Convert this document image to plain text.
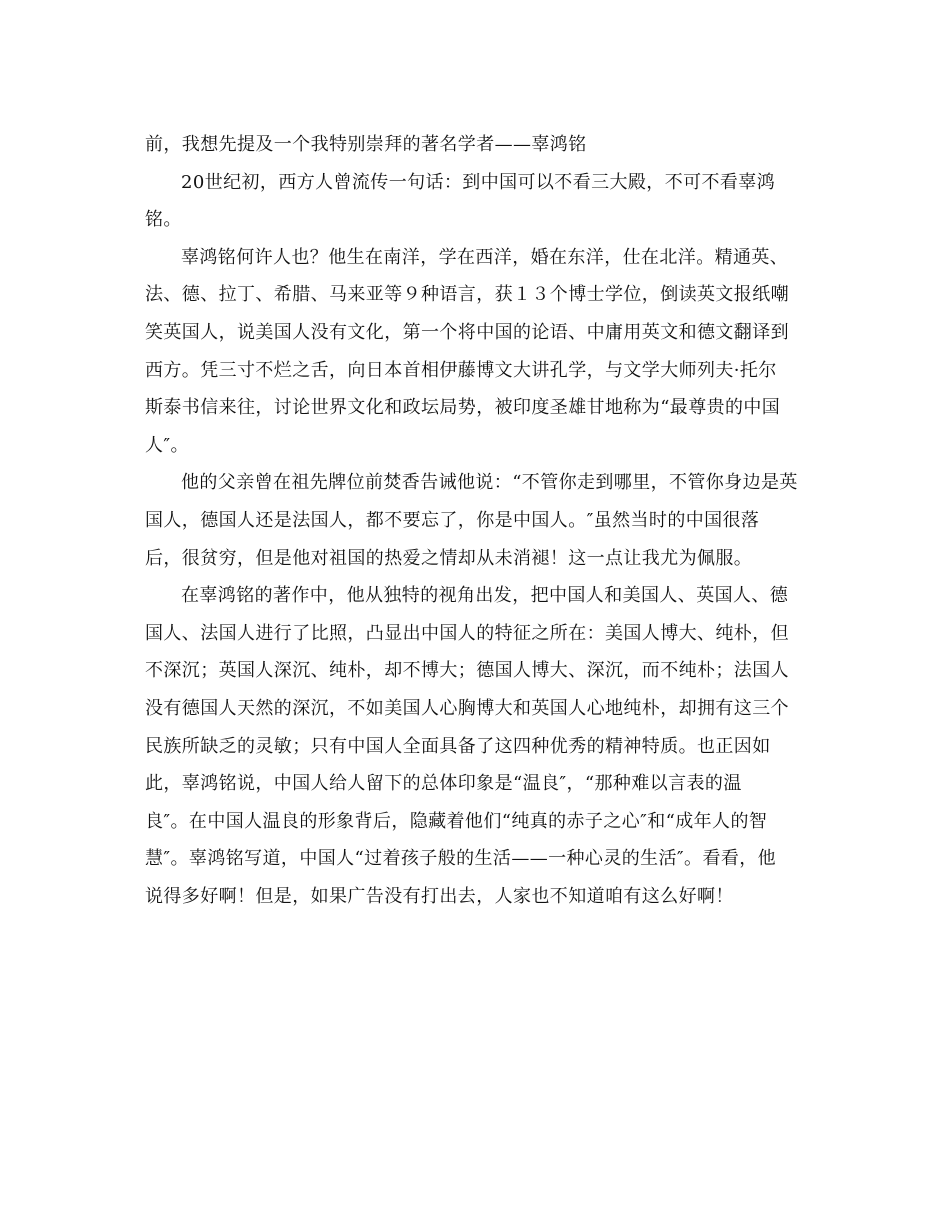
前，我想先提及一个我特别崇拜的著名学者——辜鸿铭
20世纪初，西方人曾流传一句话：到中国可以不看三大殿，不可不看辜鸿
铭。
辜鸿铭何许人也？他生在南洋，学在西洋，婚在东洋，仕在北洋。精通英、
法、德、拉丁、希腊、马来亚等９种语言，获１３个博士学位，倒读英文报纸嘲
笑英国人，说美国人没有文化，第一个将中国的论语、中庸用英文和德文翻译到
西方。凭三寸不烂之舌，向日本首相伊藤博文大讲孔学，与文学大师列夫·托尔
斯泰书信来往，讨论世界文化和政坛局势，被印度圣雄甘地称为“最尊贵的中国
人″。
他的父亲曾在祖先牌位前焚香告诫他说：“不管你走到哪里，不管你身边是英
国人，德国人还是法国人，都不要忘了，你是中国人。″虽然当时的中国很落
后，很贫穷，但是他对祖国的热爱之情却从未消褪！这一点让我尤为佩服。
在辜鸿铭的著作中，他从独特的视角出发，把中国人和美国人、英国人、德
国人、法国人进行了比照，凸显出中国人的特征之所在：美国人博大、纯朴，但
不深沉；英国人深沉、纯朴，却不博大；德国人博大、深沉，而不纯朴；法国人
没有德国人天然的深沉，不如美国人心胸博大和英国人心地纯朴，却拥有这三个
民族所缺乏的灵敏；只有中国人全面具备了这四种优秀的精神特质。也正因如
此，辜鸿铭说，中国人给人留下的总体印象是“温良″，“那种难以言表的温
良″。在中国人温良的形象背后，隐藏着他们“纯真的赤子之心″和“成年人的智
慧″。辜鸿铭写道，中国人“过着孩子般的生活——一种心灵的生活″。看看，他
说得多好啊！但是，如果广告没有打出去，人家也不知道咱有这么好啊！
